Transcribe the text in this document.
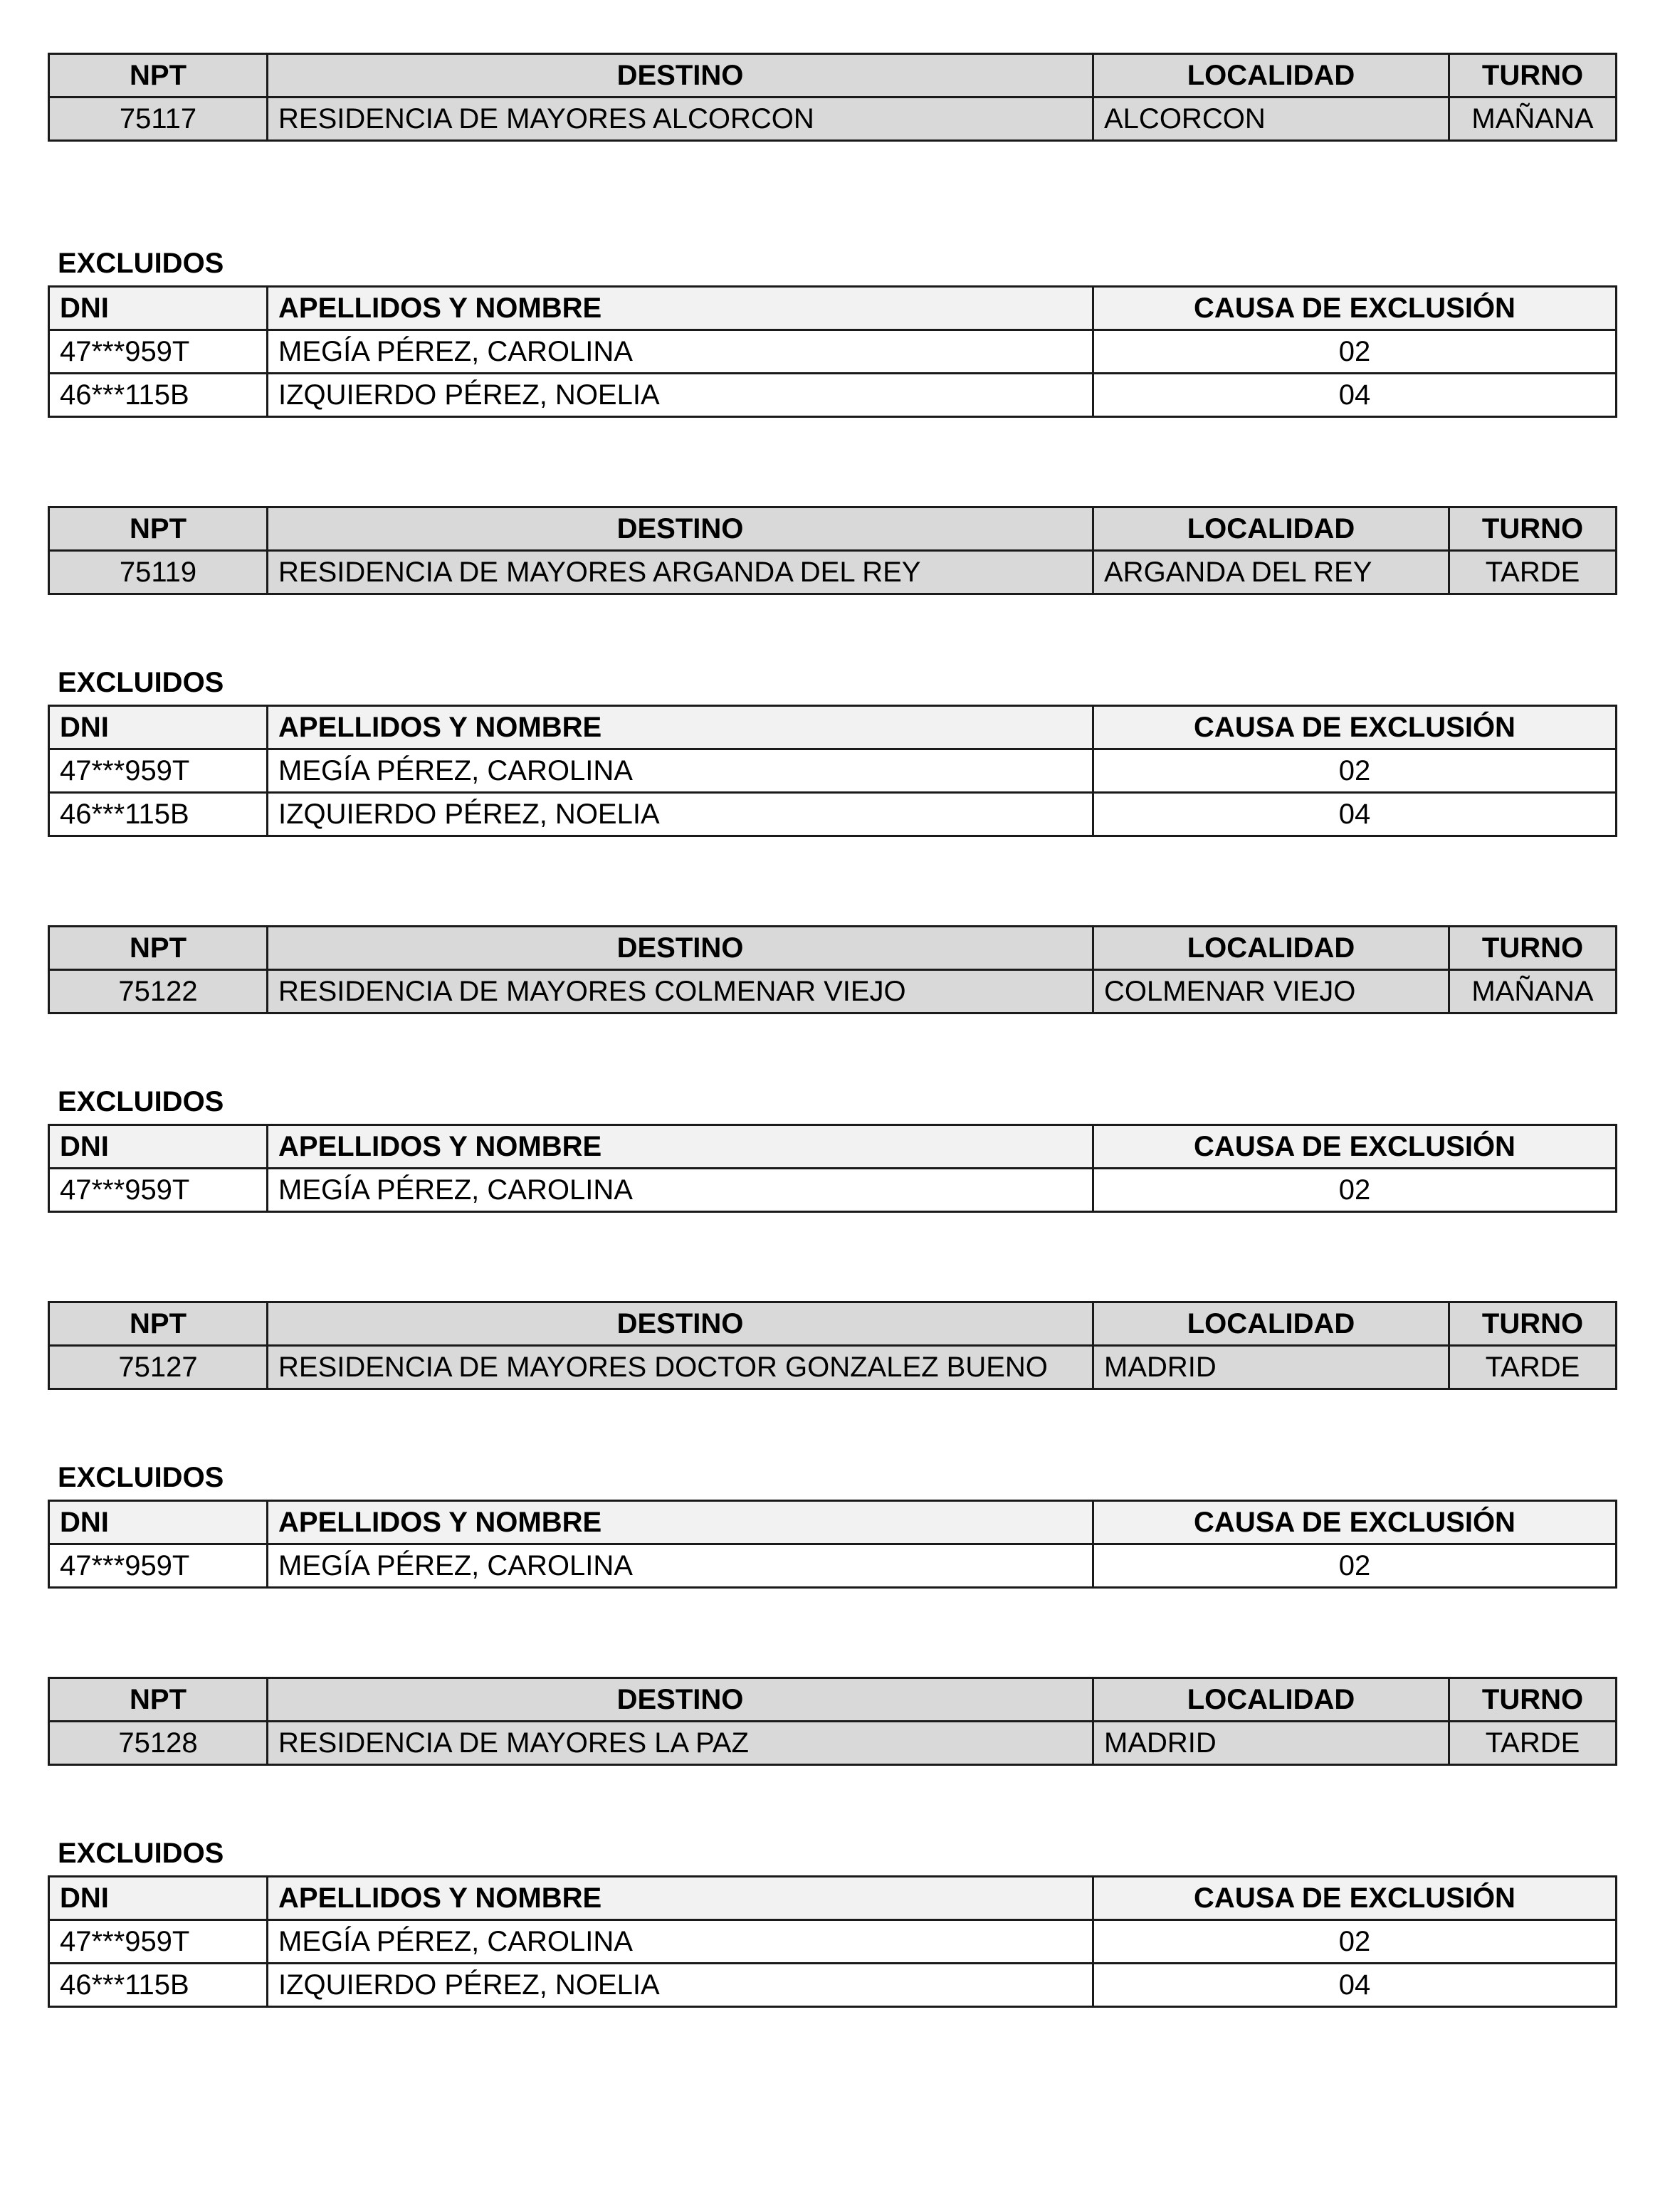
NPT	DESTINO	LOCALIDAD	TURNO
75117	RESIDENCIA DE MAYORES ALCORCON	ALCORCON	MAÑANA
EXCLUIDOS
DNI	APELLIDOS Y NOMBRE	CAUSA DE EXCLUSIÓN
47***959T	MEGÍA PÉREZ, CAROLINA	02
46***115B	IZQUIERDO PÉREZ, NOELIA	04
NPT	DESTINO	LOCALIDAD	TURNO
75119	RESIDENCIA DE MAYORES ARGANDA DEL REY	ARGANDA DEL REY	TARDE
EXCLUIDOS
DNI	APELLIDOS Y NOMBRE	CAUSA DE EXCLUSIÓN
47***959T	MEGÍA PÉREZ, CAROLINA	02
46***115B	IZQUIERDO PÉREZ, NOELIA	04
NPT	DESTINO	LOCALIDAD	TURNO
75122	RESIDENCIA DE MAYORES COLMENAR VIEJO	COLMENAR VIEJO	MAÑANA
EXCLUIDOS
DNI	APELLIDOS Y NOMBRE	CAUSA DE EXCLUSIÓN
47***959T	MEGÍA PÉREZ, CAROLINA	02
NPT	DESTINO	LOCALIDAD	TURNO
75127	RESIDENCIA DE MAYORES DOCTOR GONZALEZ BUENO	MADRID	TARDE
EXCLUIDOS
DNI	APELLIDOS Y NOMBRE	CAUSA DE EXCLUSIÓN
47***959T	MEGÍA PÉREZ, CAROLINA	02
NPT	DESTINO	LOCALIDAD	TURNO
75128	RESIDENCIA DE MAYORES LA PAZ	MADRID	TARDE
EXCLUIDOS
DNI	APELLIDOS Y NOMBRE	CAUSA DE EXCLUSIÓN
47***959T	MEGÍA PÉREZ, CAROLINA	02
46***115B	IZQUIERDO PÉREZ, NOELIA	04
